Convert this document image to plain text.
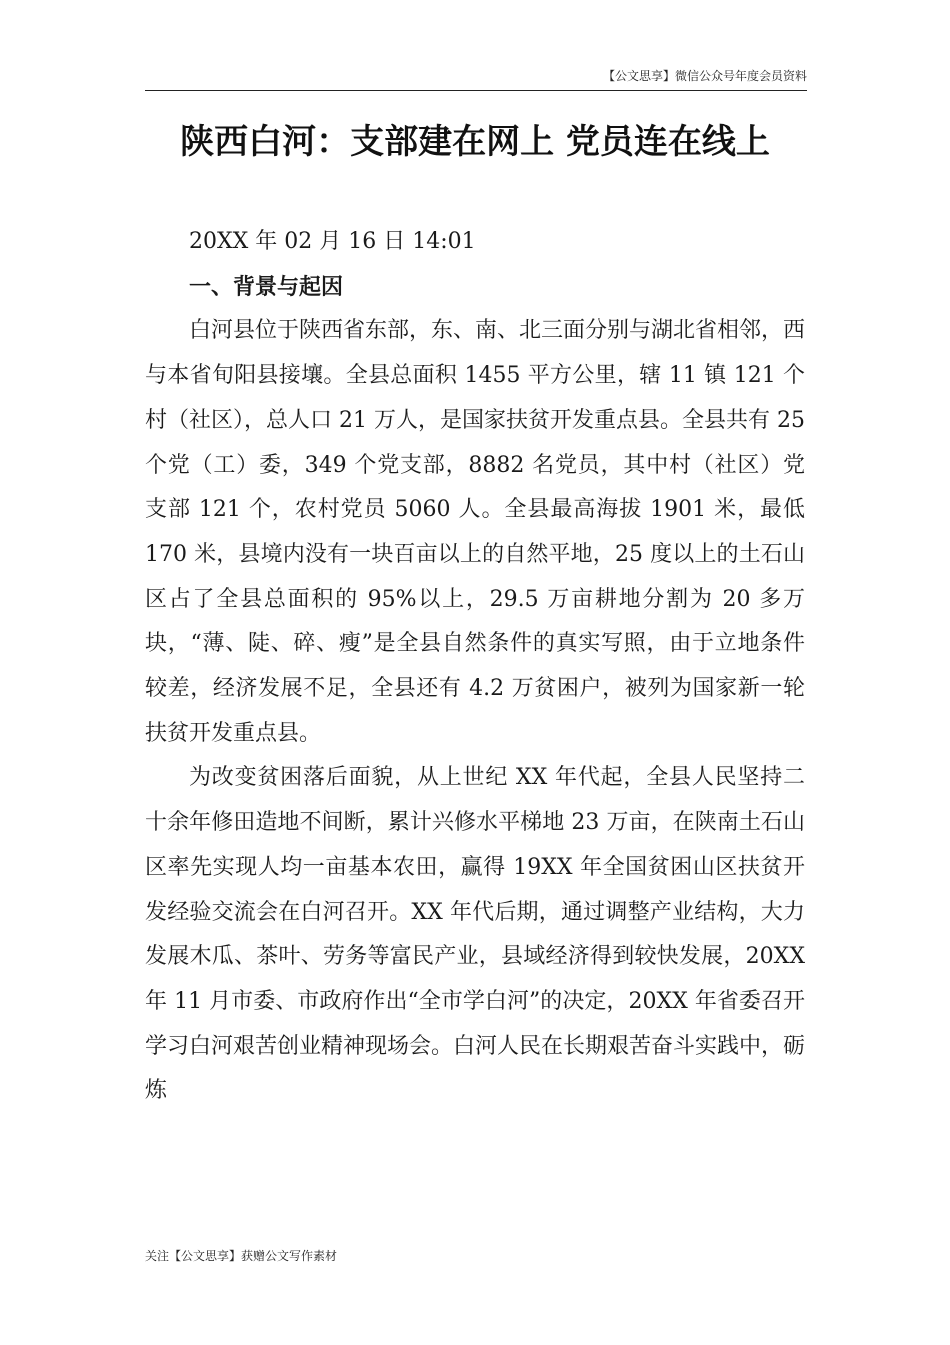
【公文思享】微信公众号年度会员资料
陕西白河：支部建在网上 党员连在线上

20XX 年 02 月 16 日 14:01

一、背景与起因

白河县位于陕西省东部，东、南、北三面分别与湖北省相邻，西与本省旬阳县接壤。全县总面积 1455 平方公里，辖 11 镇 121 个村（社区），总人口 21 万人，是国家扶贫开发重点县。全县共有 25 个党（工）委，349 个党支部，8882 名党员，其中村（社区）党支部 121 个，农村党员 5060 人。全县最高海拔 1901 米，最低 170 米，县境内没有一块百亩以上的自然平地，25 度以上的土石山区占了全县总面积的 95%以上，29.5 万亩耕地分割为 20 多万块，“薄、陡、碎、瘦”是全县自然条件的真实写照，由于立地条件较差，经济发展不足，全县还有 4.2 万贫困户，被列为国家新一轮扶贫开发重点县。

为改变贫困落后面貌，从上世纪 XX 年代起，全县人民坚持二十余年修田造地不间断，累计兴修水平梯地 23 万亩，在陕南土石山区率先实现人均一亩基本农田，赢得 19XX 年全国贫困山区扶贫开发经验交流会在白河召开。XX 年代后期，通过调整产业结构，大力发展木瓜、茶叶、劳务等富民产业，县域经济得到较快发展，20XX 年 11 月市委、市政府作出“全市学白河”的决定，20XX 年省委召开学习白河艰苦创业精神现场会。白河人民在长期艰苦奋斗实践中，砺炼

关注【公文思享】获赠公文写作素材
